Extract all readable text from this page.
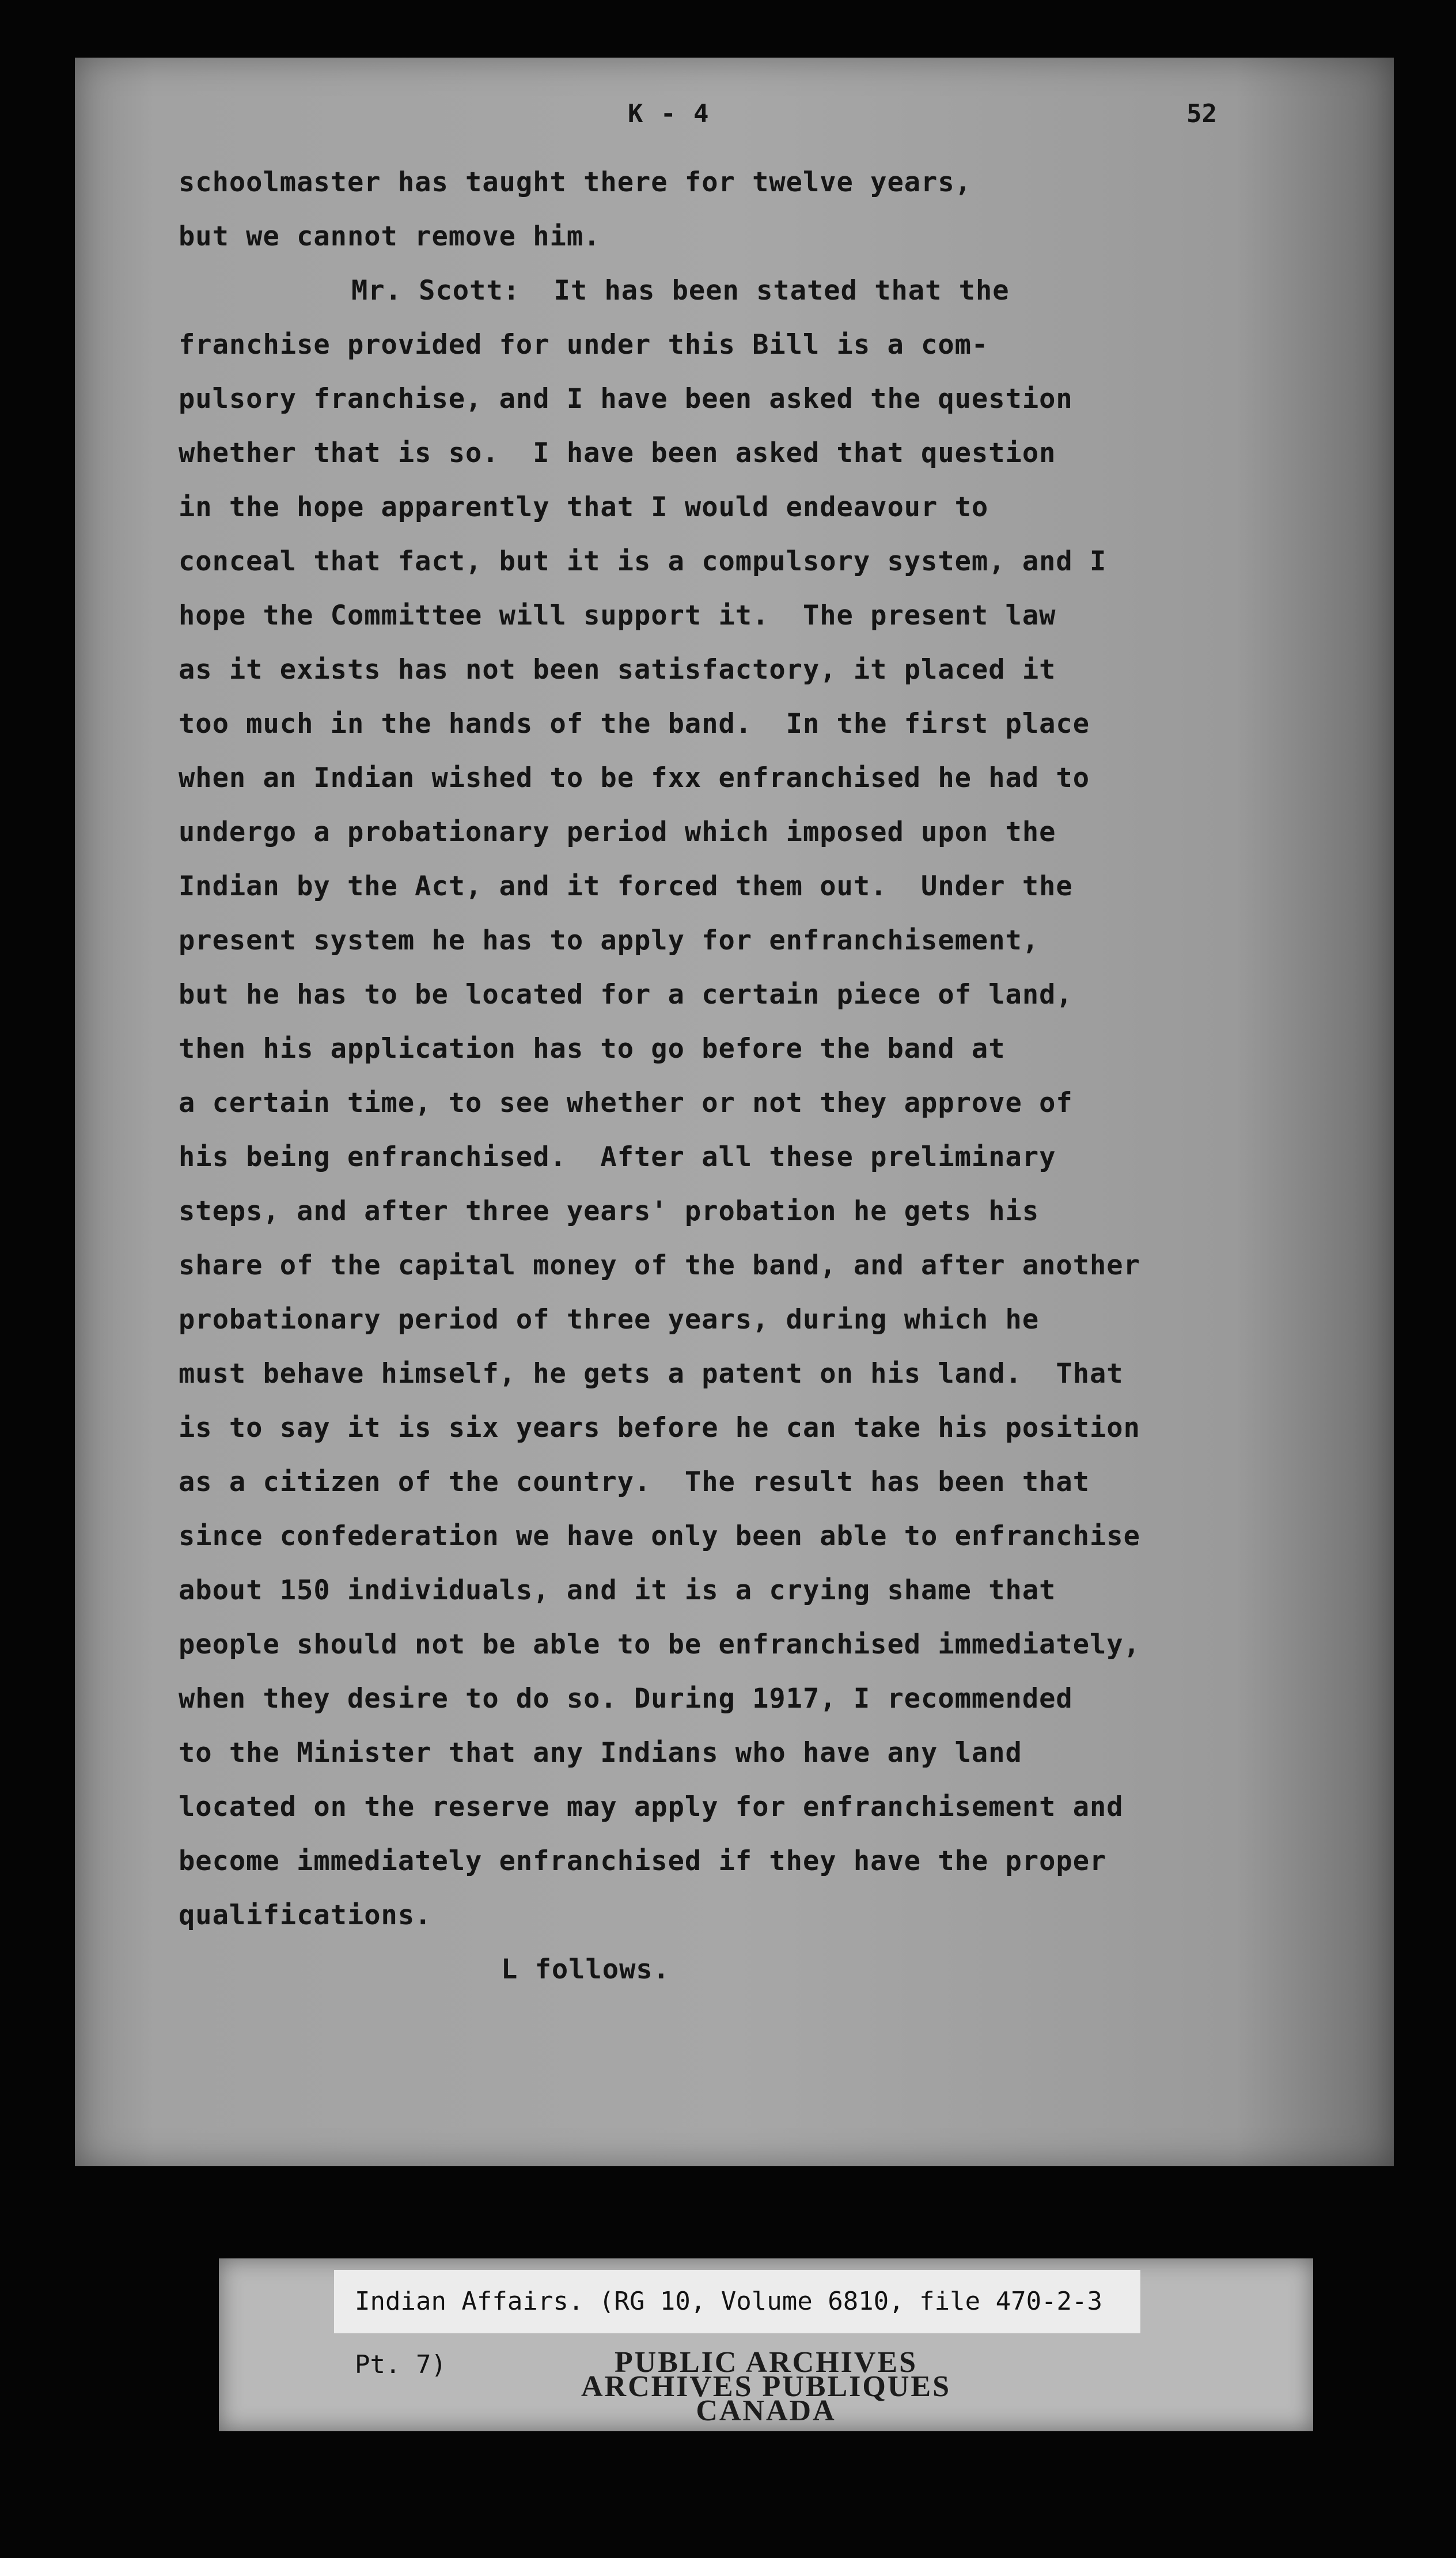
K - 4	52
schoolmaster has taught there for twelve years,
but we cannot remove him.
Mr. Scott:  It has been stated that the
franchise provided for under this Bill is a com-
pulsory franchise, and I have been asked the question
whether that is so.  I have been asked that question
in the hope apparently that I would endeavour to
conceal that fact, but it is a compulsory system, and I
hope the Committee will support it.  The present law
as it exists has not been satisfactory, it placed it
too much in the hands of the band.  In the first place
when an Indian wished to be fxx enfranchised he had to
undergo a probationary period which imposed upon the
Indian by the Act, and it forced them out.  Under the
present system he has to apply for enfranchisement,
but he has to be located for a certain piece of land,
then his application has to go before the band at
a certain time, to see whether or not they approve of
his being enfranchised.  After all these preliminary
steps, and after three years' probation he gets his
share of the capital money of the band, and after another
probationary period of three years, during which he
must behave himself, he gets a patent on his land.  That
is to say it is six years before he can take his position
as a citizen of the country.  The result has been that
since confederation we have only been able to enfranchise
about 150 individuals, and it is a crying shame that
people should not be able to be enfranchised immediately,
when they desire to do so. During 1917, I recommended
to the Minister that any Indians who have any land
located on the reserve may apply for enfranchisement and
become immediately enfranchised if they have the proper
qualifications.
L follows.
Indian Affairs. (RG 10, Volume 6810, file 470-2-3 Pt. 7)	PUBLIC ARCHIVES
ARCHIVES PUBLIQUES
CANADA
